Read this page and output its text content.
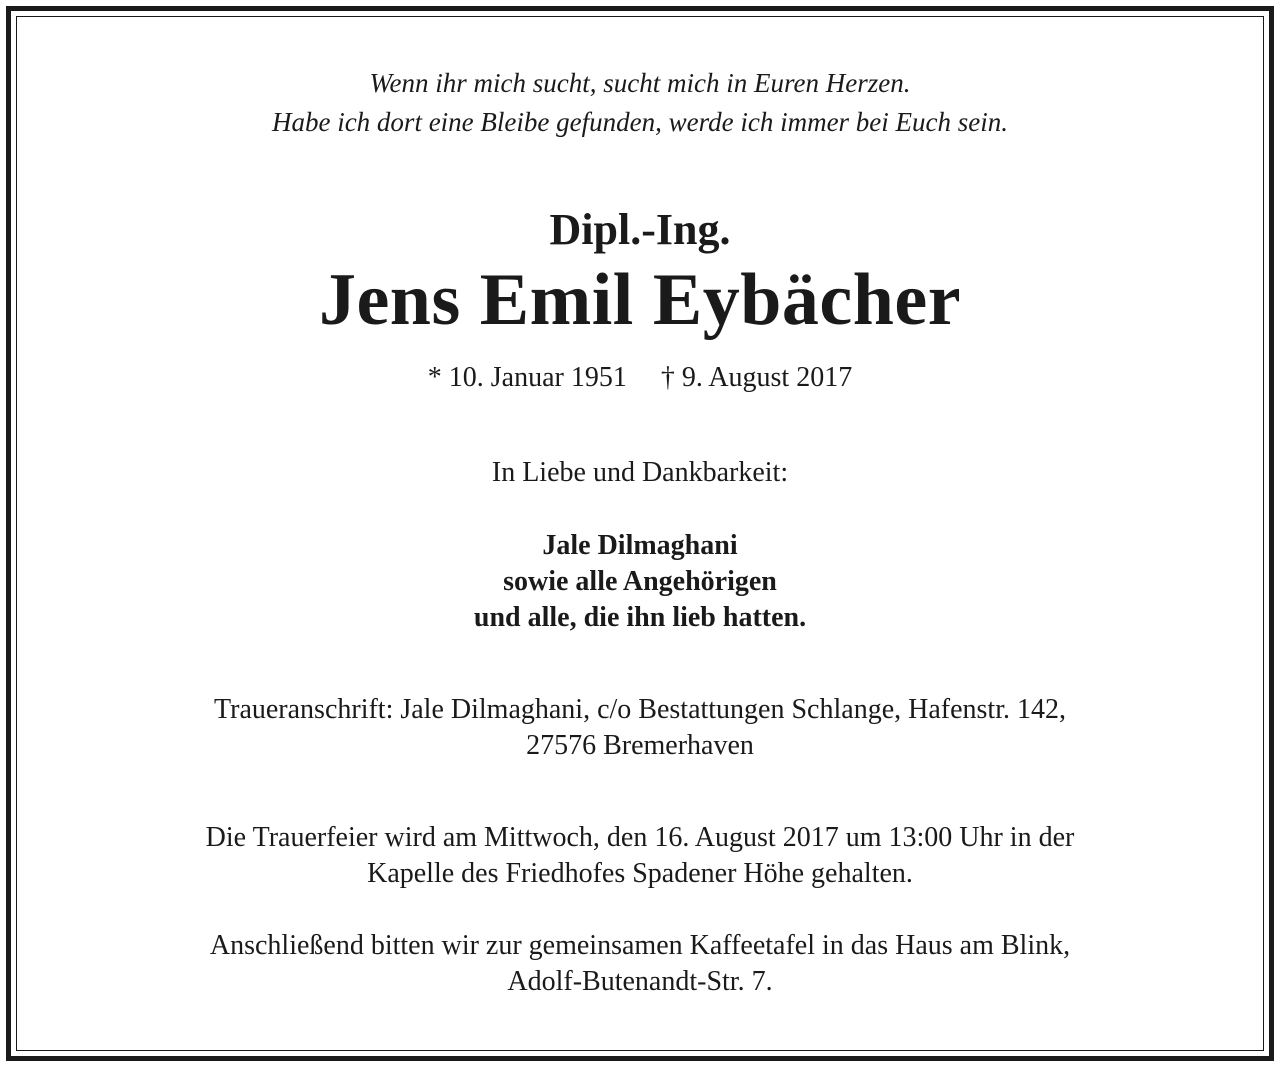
Wenn ihr mich sucht, sucht mich in Euren Herzen.
Habe ich dort eine Bleibe gefunden, werde ich immer bei Euch sein.
Dipl.-Ing.
Jens Emil Eybächer
* 10. Januar 1951 † 9. August 2017
In Liebe und Dankbarkeit:
Jale Dilmaghani
sowie alle Angehörigen
und alle, die ihn lieb hatten.
Traueranschrift: Jale Dilmaghani, c/o Bestattungen Schlange, Hafenstr. 142,
27576 Bremerhaven
Die Trauerfeier wird am Mittwoch, den 16. August 2017 um 13:00 Uhr in der
Kapelle des Friedhofes Spadener Höhe gehalten.
Anschließend bitten wir zur gemeinsamen Kaffeetafel in das Haus am Blink,
Adolf-Butenandt-Str. 7.
